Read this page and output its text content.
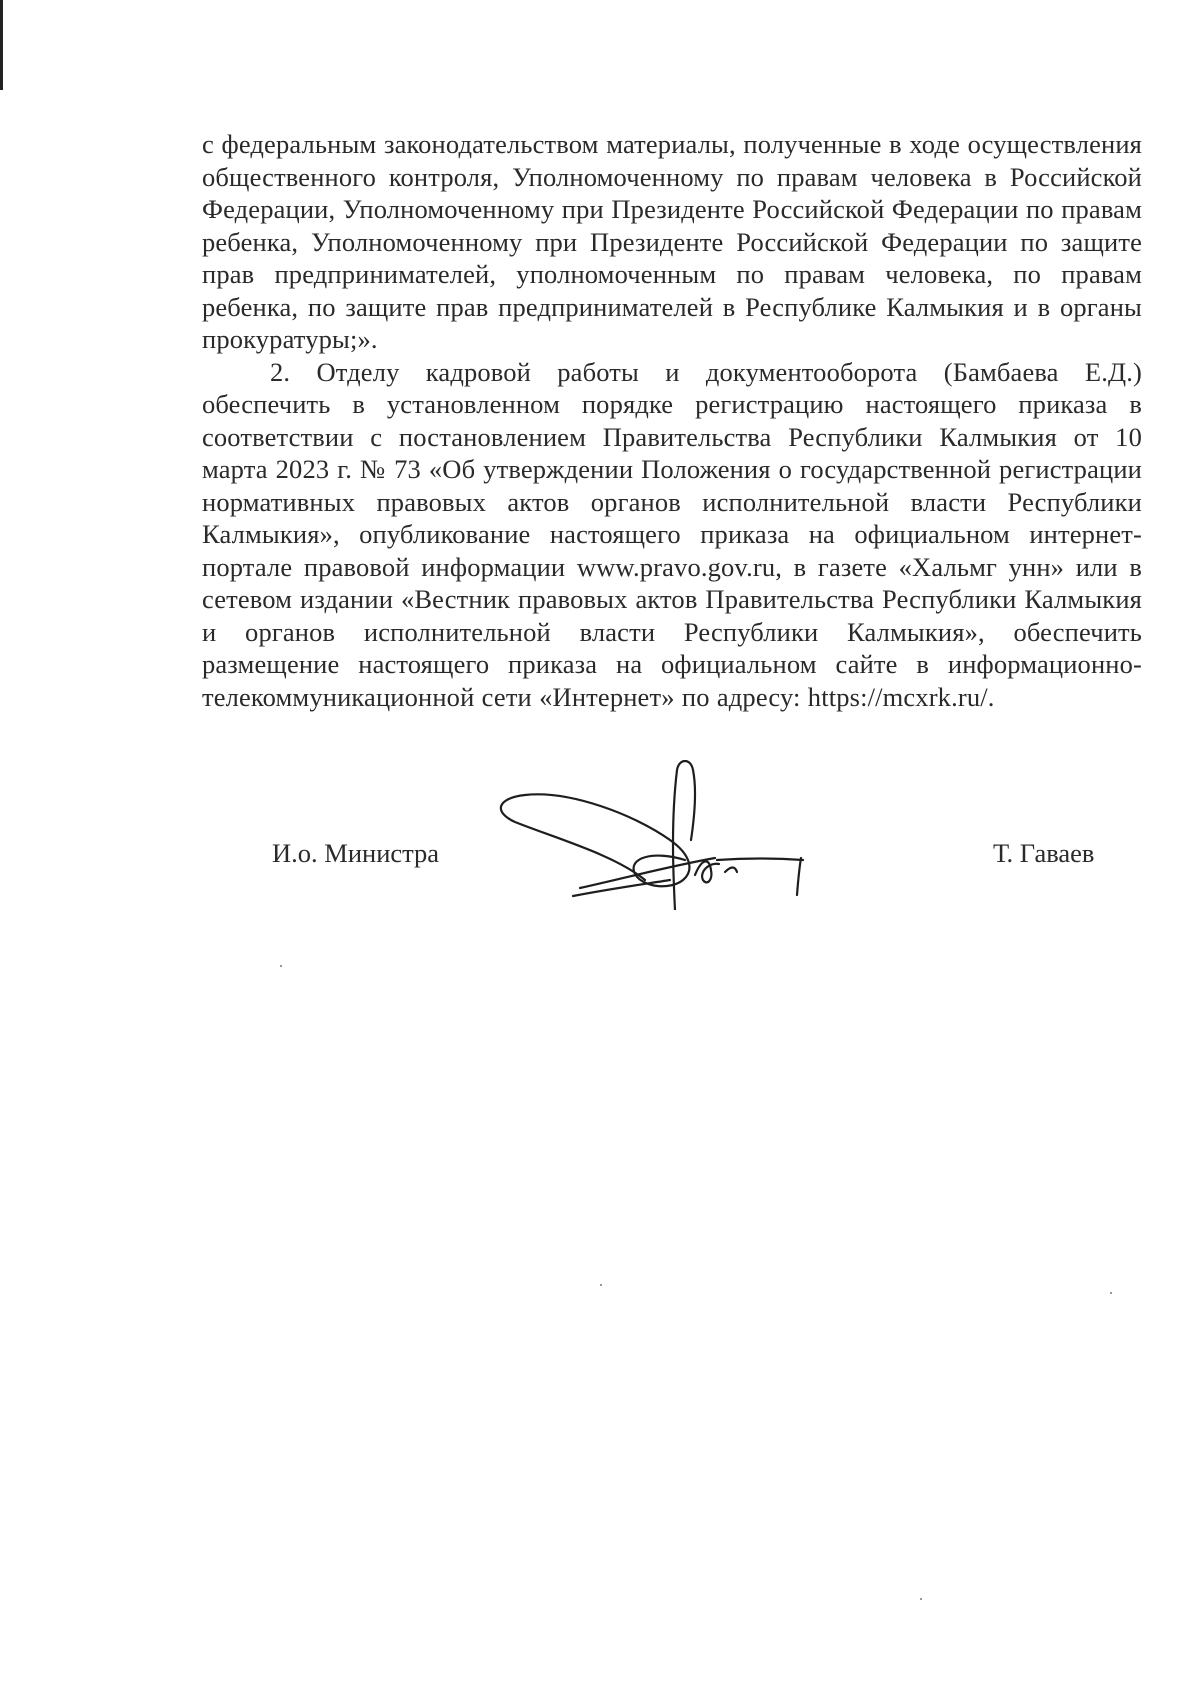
с федеральным законодательством материалы, полученные в ходе осуществления общественного контроля, Уполномоченному по правам человека в Российской Федерации, Уполномоченному при Президенте Российской Федерации по правам ребенка, Уполномоченному при Президенте Российской Федерации по защите прав предпринимателей, уполномоченным по правам человека, по правам ребенка, по защите прав предпринимателей в Республике Калмыкия и в органы прокуратуры;».

2. Отделу кадровой работы и документооборота (Бамбаева Е.Д.) обеспечить в установленном порядке регистрацию настоящего приказа в соответствии с постановлением Правительства Республики Калмыкия от 10 марта 2023 г. № 73 «Об утверждении Положения о государственной регистрации нормативных правовых актов органов исполнительной власти Республики Калмыкия», опубликование настоящего приказа на официальном интернет-портале правовой информации www.pravo.gov.ru, в газете «Хальмг унн» или в сетевом издании «Вестник правовых актов Правительства Республики Калмыкия и органов исполнительной власти Республики Калмыкия», обеспечить размещение настоящего приказа на официальном сайте в информационно-телекоммуникационной сети «Интернет» по адресу: https://mcxrk.ru/.

И.о. Министра	Т. Гаваев
